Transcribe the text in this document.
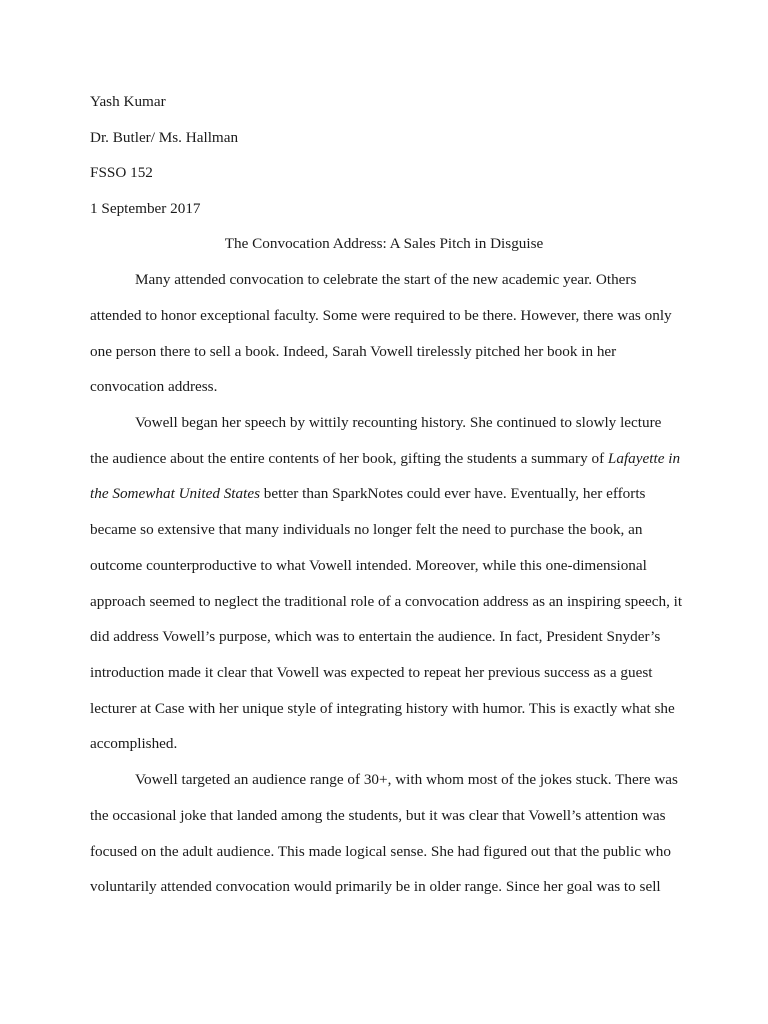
Yash Kumar
Dr. Butler/ Ms. Hallman
FSSO 152
1 September 2017
The Convocation Address: A Sales Pitch in Disguise
Many attended convocation to celebrate the start of the new academic year. Others
attended to honor exceptional faculty. Some were required to be there. However, there was only
one person there to sell a book. Indeed, Sarah Vowell tirelessly pitched her book in her
convocation address.
Vowell began her speech by wittily recounting history. She continued to slowly lecture
the audience about the entire contents of her book, gifting the students a summary of Lafayette in
the Somewhat United States better than SparkNotes could ever have. Eventually, her efforts
became so extensive that many individuals no longer felt the need to purchase the book, an
outcome counterproductive to what Vowell intended. Moreover, while this one-dimensional
approach seemed to neglect the traditional role of a convocation address as an inspiring speech, it
did address Vowell’s purpose, which was to entertain the audience. In fact, President Snyder’s
introduction made it clear that Vowell was expected to repeat her previous success as a guest
lecturer at Case with her unique style of integrating history with humor. This is exactly what she
accomplished.
Vowell targeted an audience range of 30+, with whom most of the jokes stuck. There was
the occasional joke that landed among the students, but it was clear that Vowell’s attention was
focused on the adult audience. This made logical sense. She had figured out that the public who
voluntarily attended convocation would primarily be in older range. Since her goal was to sell
